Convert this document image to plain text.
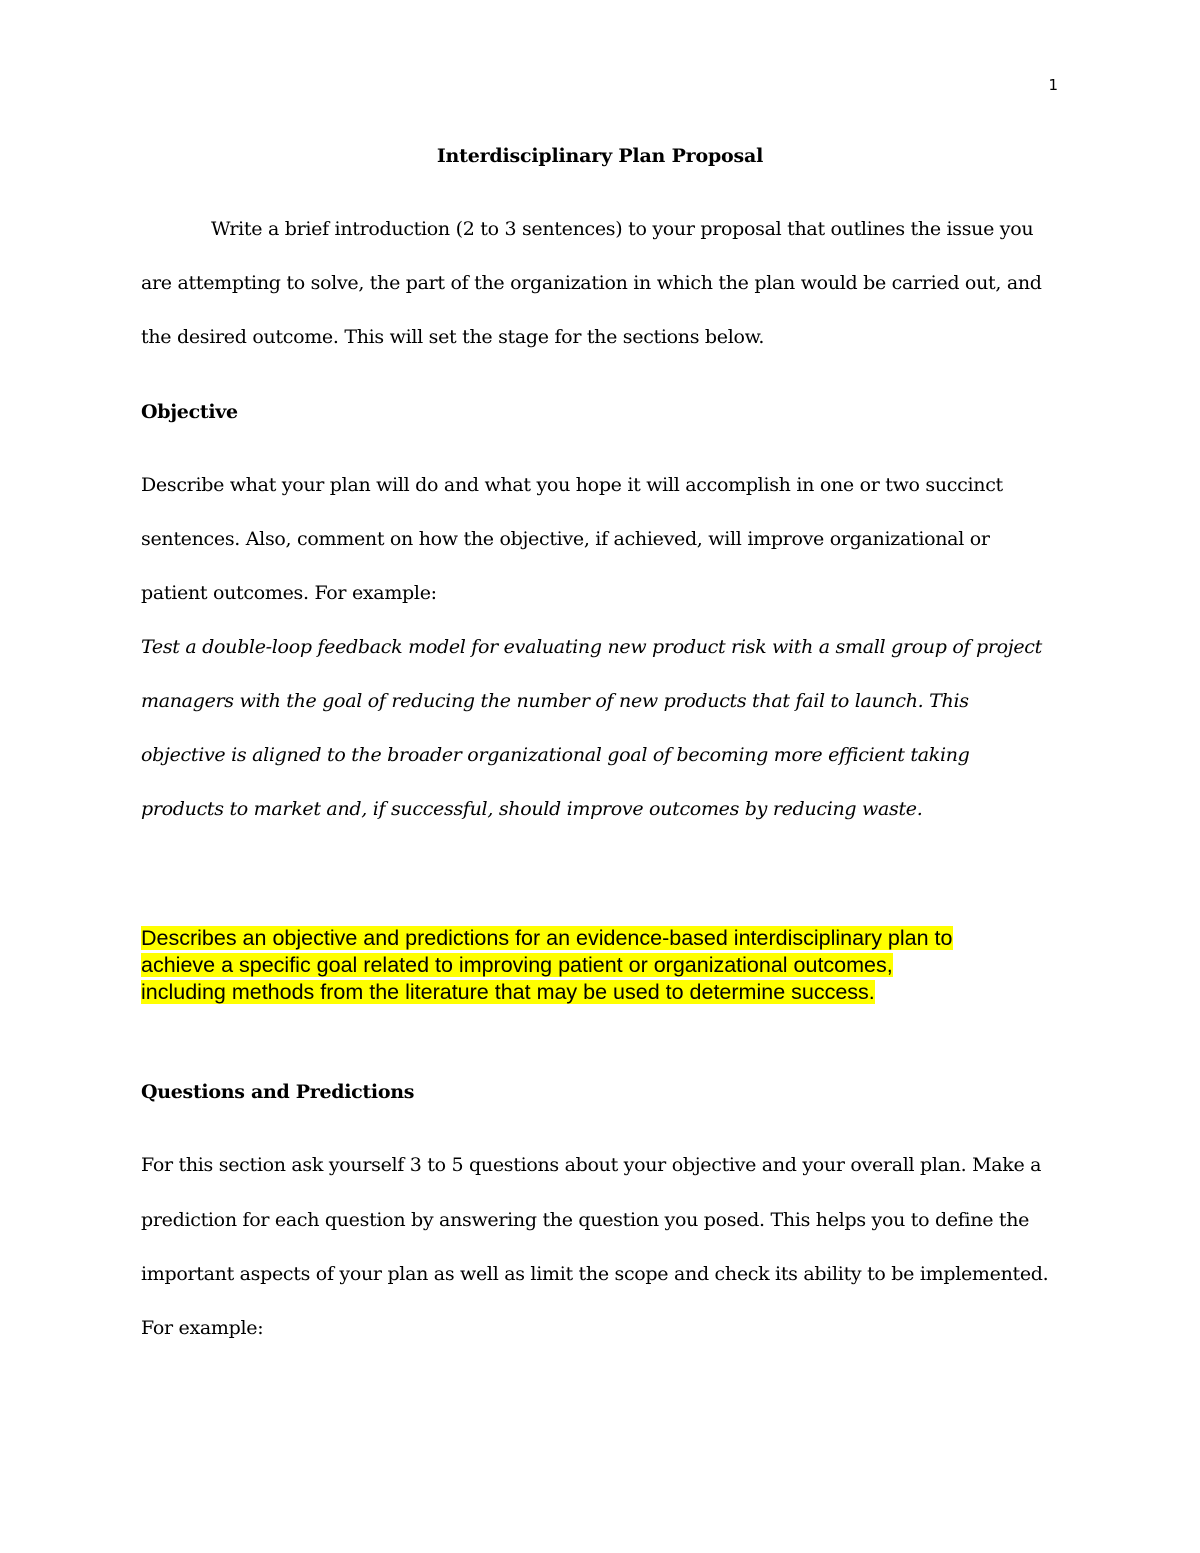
1
Interdisciplinary Plan Proposal
Write a brief introduction (2 to 3 sentences) to your proposal that outlines the issue you
are attempting to solve, the part of the organization in which the plan would be carried out, and
the desired outcome. This will set the stage for the sections below.
Objective
Describe what your plan will do and what you hope it will accomplish in one or two succinct
sentences. Also, comment on how the objective, if achieved, will improve organizational or
patient outcomes. For example:
Test a double-loop feedback model for evaluating new product risk with a small group of project
managers with the goal of reducing the number of new products that fail to launch. This
objective is aligned to the broader organizational goal of becoming more efficient taking
products to market and, if successful, should improve outcomes by reducing waste.
Describes an objective and predictions for an evidence-based interdisciplinary plan to
achieve a specific goal related to improving patient or organizational outcomes,
including methods from the literature that may be used to determine success.
Questions and Predictions
For this section ask yourself 3 to 5 questions about your objective and your overall plan. Make a
prediction for each question by answering the question you posed. This helps you to define the
important aspects of your plan as well as limit the scope and check its ability to be implemented.
For example:
